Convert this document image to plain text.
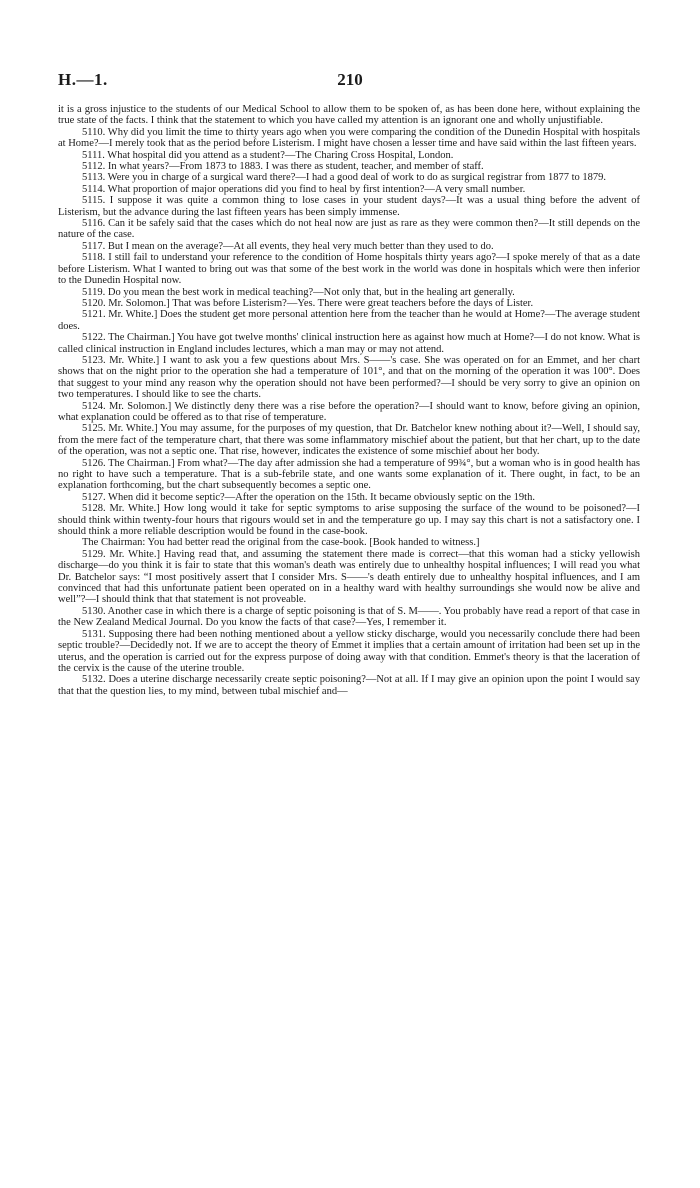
H.—1.	210

it is a gross injustice to the students of our Medical School to allow them to be spoken of, as has been done here, without explaining the true state of the facts. I think that the statement to which you have called my attention is an ignorant one and wholly unjustifiable.

5110. Why did you limit the time to thirty years ago when you were comparing the condition of the Dunedin Hospital with hospitals at Home?—I merely took that as the period before Listerism. I might have chosen a lesser time and have said within the last fifteen years.

5111. What hospital did you attend as a student?—The Charing Cross Hospital, London.

5112. In what years?—From 1873 to 1883. I was there as student, teacher, and member of staff.

5113. Were you in charge of a surgical ward there?—I had a good deal of work to do as surgical registrar from 1877 to 1879.

5114. What proportion of major operations did you find to heal by first intention?—A very small number.

5115. I suppose it was quite a common thing to lose cases in your student days?—It was a usual thing before the advent of Listerism, but the advance during the last fifteen years has been simply immense.

5116. Can it be safely said that the cases which do not heal now are just as rare as they were common then?—It still depends on the nature of the case.

5117. But I mean on the average?—At all events, they heal very much better than they used to do.

5118. I still fail to understand your reference to the condition of Home hospitals thirty years ago?—I spoke merely of that as a date before Listerism. What I wanted to bring out was that some of the best work in the world was done in hospitals which were then inferior to the Dunedin Hospital now.

5119. Do you mean the best work in medical teaching?—Not only that, but in the healing art generally.

5120. Mr. Solomon.] That was before Listerism?—Yes. There were great teachers before the days of Lister.

5121. Mr. White.] Does the student get more personal attention here from the teacher than he would at Home?—The average student does.

5122. The Chairman.] You have got twelve months' clinical instruction here as against how much at Home?—I do not know. What is called clinical instruction in England includes lectures, which a man may or may not attend.

5123. Mr. White.] I want to ask you a few questions about Mrs. S——'s case. She was operated on for an Emmet, and her chart shows that on the night prior to the operation she had a temperature of 101°, and that on the morning of the operation it was 100°. Does that suggest to your mind any reason why the operation should not have been performed?—I should be very sorry to give an opinion on two temperatures. I should like to see the charts.

5124. Mr. Solomon.] We distinctly deny there was a rise before the operation?—I should want to know, before giving an opinion, what explanation could be offered as to that rise of temperature.

5125. Mr. White.] You may assume, for the purposes of my question, that Dr. Batchelor knew nothing about it?—Well, I should say, from the mere fact of the temperature chart, that there was some inflammatory mischief about the patient, but that her chart, up to the date of the operation, was not a septic one. That rise, however, indicates the existence of some mischief about her body.

5126. The Chairman.] From what?—The day after admission she had a temperature of 99¾°, but a woman who is in good health has no right to have such a temperature. That is a sub-febrile state, and one wants some explanation of it. There ought, in fact, to be an explanation forthcoming, but the chart subsequently becomes a septic one.

5127. When did it become septic?—After the operation on the 15th. It became obviously septic on the 19th.

5128. Mr. White.] How long would it take for septic symptoms to arise supposing the surface of the wound to be poisoned?—I should think within twenty-four hours that rigours would set in and the temperature go up. I may say this chart is not a satisfactory one. I should think a more reliable description would be found in the case-book.

The Chairman: You had better read the original from the case-book. [Book handed to witness.]

5129. Mr. White.] Having read that, and assuming the statement there made is correct—that this woman had a sticky yellowish discharge—do you think it is fair to state that this woman's death was entirely due to unhealthy hospital influences; I will read you what Dr. Batchelor says: “I most positively assert that I consider Mrs. S——'s death entirely due to unhealthy hospital influences, and I am convinced that had this unfortunate patient been operated on in a healthy ward with healthy surroundings she would now be alive and well”?—I should think that that statement is not proveable.

5130. Another case in which there is a charge of septic poisoning is that of S. M——. You probably have read a report of that case in the New Zealand Medical Journal. Do you know the facts of that case?—Yes, I remember it.

5131. Supposing there had been nothing mentioned about a yellow sticky discharge, would you necessarily conclude there had been septic trouble?—Decidedly not. If we are to accept the theory of Emmet it implies that a certain amount of irritation had been set up in the uterus, and the operation is carried out for the express purpose of doing away with that condition. Emmet's theory is that the laceration of the cervix is the cause of the uterine trouble.

5132. Does a uterine discharge necessarily create septic poisoning?—Not at all. If I may give an opinion upon the point I would say that that the question lies, to my mind, between tubal mischief and—
